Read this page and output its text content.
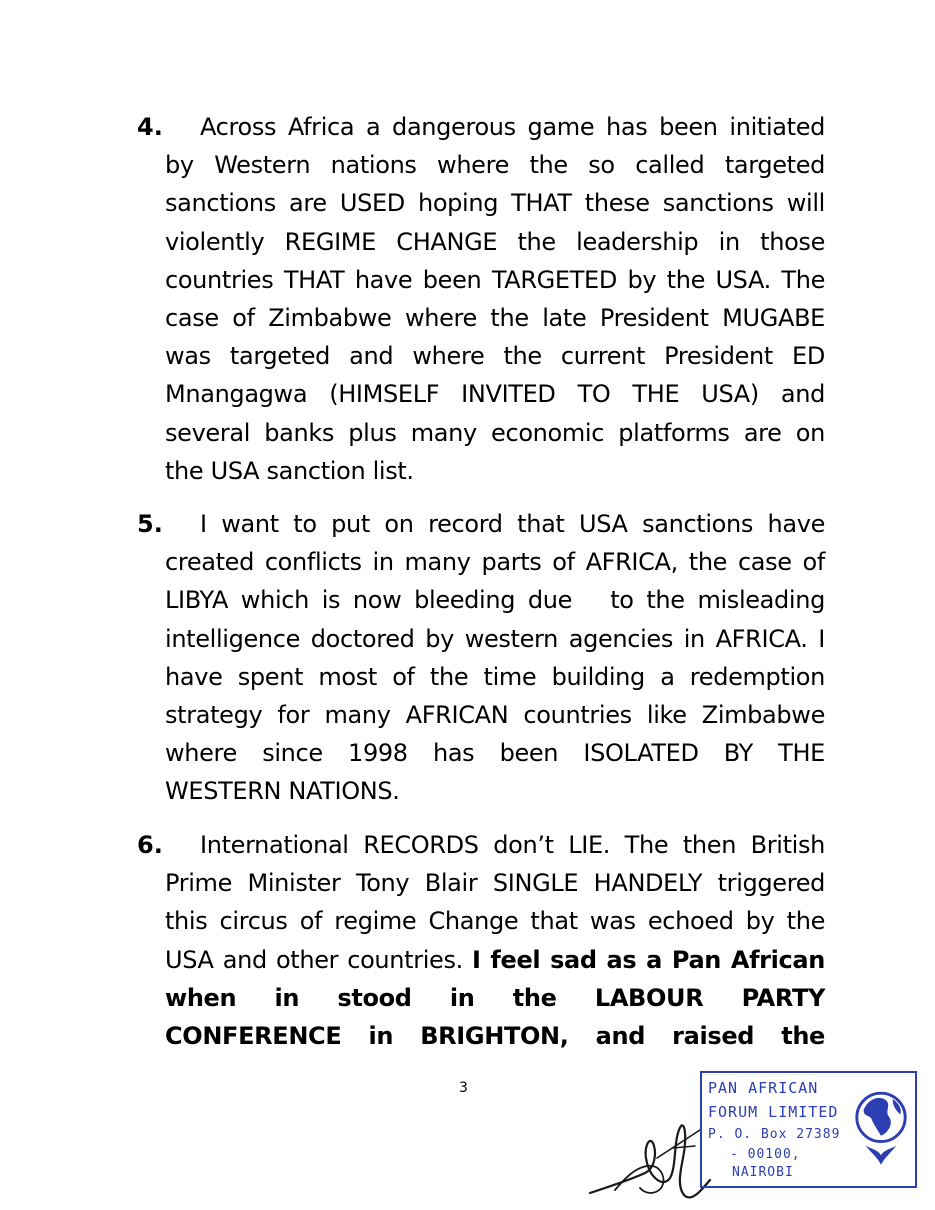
4. Across Africa a dangerous game has been initiated
by Western nations where the so called targeted
sanctions are USED hoping THAT these sanctions will
violently REGIME CHANGE the leadership in those
countries THAT have been TARGETED by the USA. The
case of Zimbabwe where the late President MUGABE
was targeted and where the current President ED
Mnangagwa (HIMSELF INVITED TO THE USA) and
several banks plus many economic platforms are on
the USA sanction list.
5. I want to put on record that USA sanctions have
created conflicts in many parts of AFRICA, the case of
LIBYA which is now bleeding due   to the misleading
intelligence doctored by western agencies in AFRICA. I
have spent most of the time building a redemption
strategy for many AFRICAN countries like Zimbabwe
where since 1998 has been ISOLATED BY THE
WESTERN NATIONS.
6. International RECORDS don’t LIE. The then British
Prime Minister Tony Blair SINGLE HANDELY triggered
this circus of regime Change that was echoed by the
USA and other countries. I feel sad as a Pan African
when in stood in the LABOUR PARTY
CONFERENCE in BRIGHTON, and raised the
3	PAN AFRICAN
FORUM LIMITED
P. O. Box 27389
- 00100,
NAIROBI
